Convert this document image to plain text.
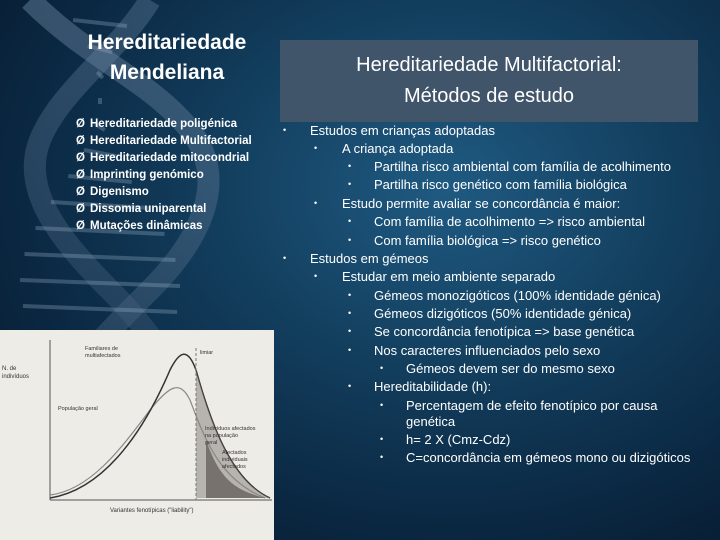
Hereditariedade
Mendeliana
Ø Hereditariedade poligénica
Ø Hereditariedade Multifactorial
Ø Hereditariedade mitocondrial
Ø Imprinting genómico
Ø Digenismo
Ø Dissomia uniparental
Ø Mutações dinâmicas
Hereditariedade Multifactorial:
Métodos de estudo
• Estudos em crianças adoptadas
• A criança adoptada
• Partilha risco ambiental com família de acolhimento
• Partilha risco genético com família biológica
• Estudo permite avaliar se concordância é maior:
• Com família de acolhimento => risco ambiental
• Com família biológica => risco genético
• Estudos em gémeos
• Estudar em meio ambiente separado
• Gémeos monozigóticos (100% identidade génica)
• Gémeos dizigóticos (50% identidade génica)
• Se concordância fenotípica => base genética
• Nos caracteres influenciados pelo sexo
• Gémeos devem ser do mesmo sexo
• Hereditabilidade (h):
• Percentagem de efeito fenotípico por causa
genética
• h= 2 X (Cmz-Cdz)
• C=concordância em gémeos mono ou dizigóticos
N. de
indivíduos
Familiares de
multiafectados
População geral
limiar
Indivíduos afectados
na população
geral
Afectados
individuais
afectados
Variantes fenotípicas ("liability")
